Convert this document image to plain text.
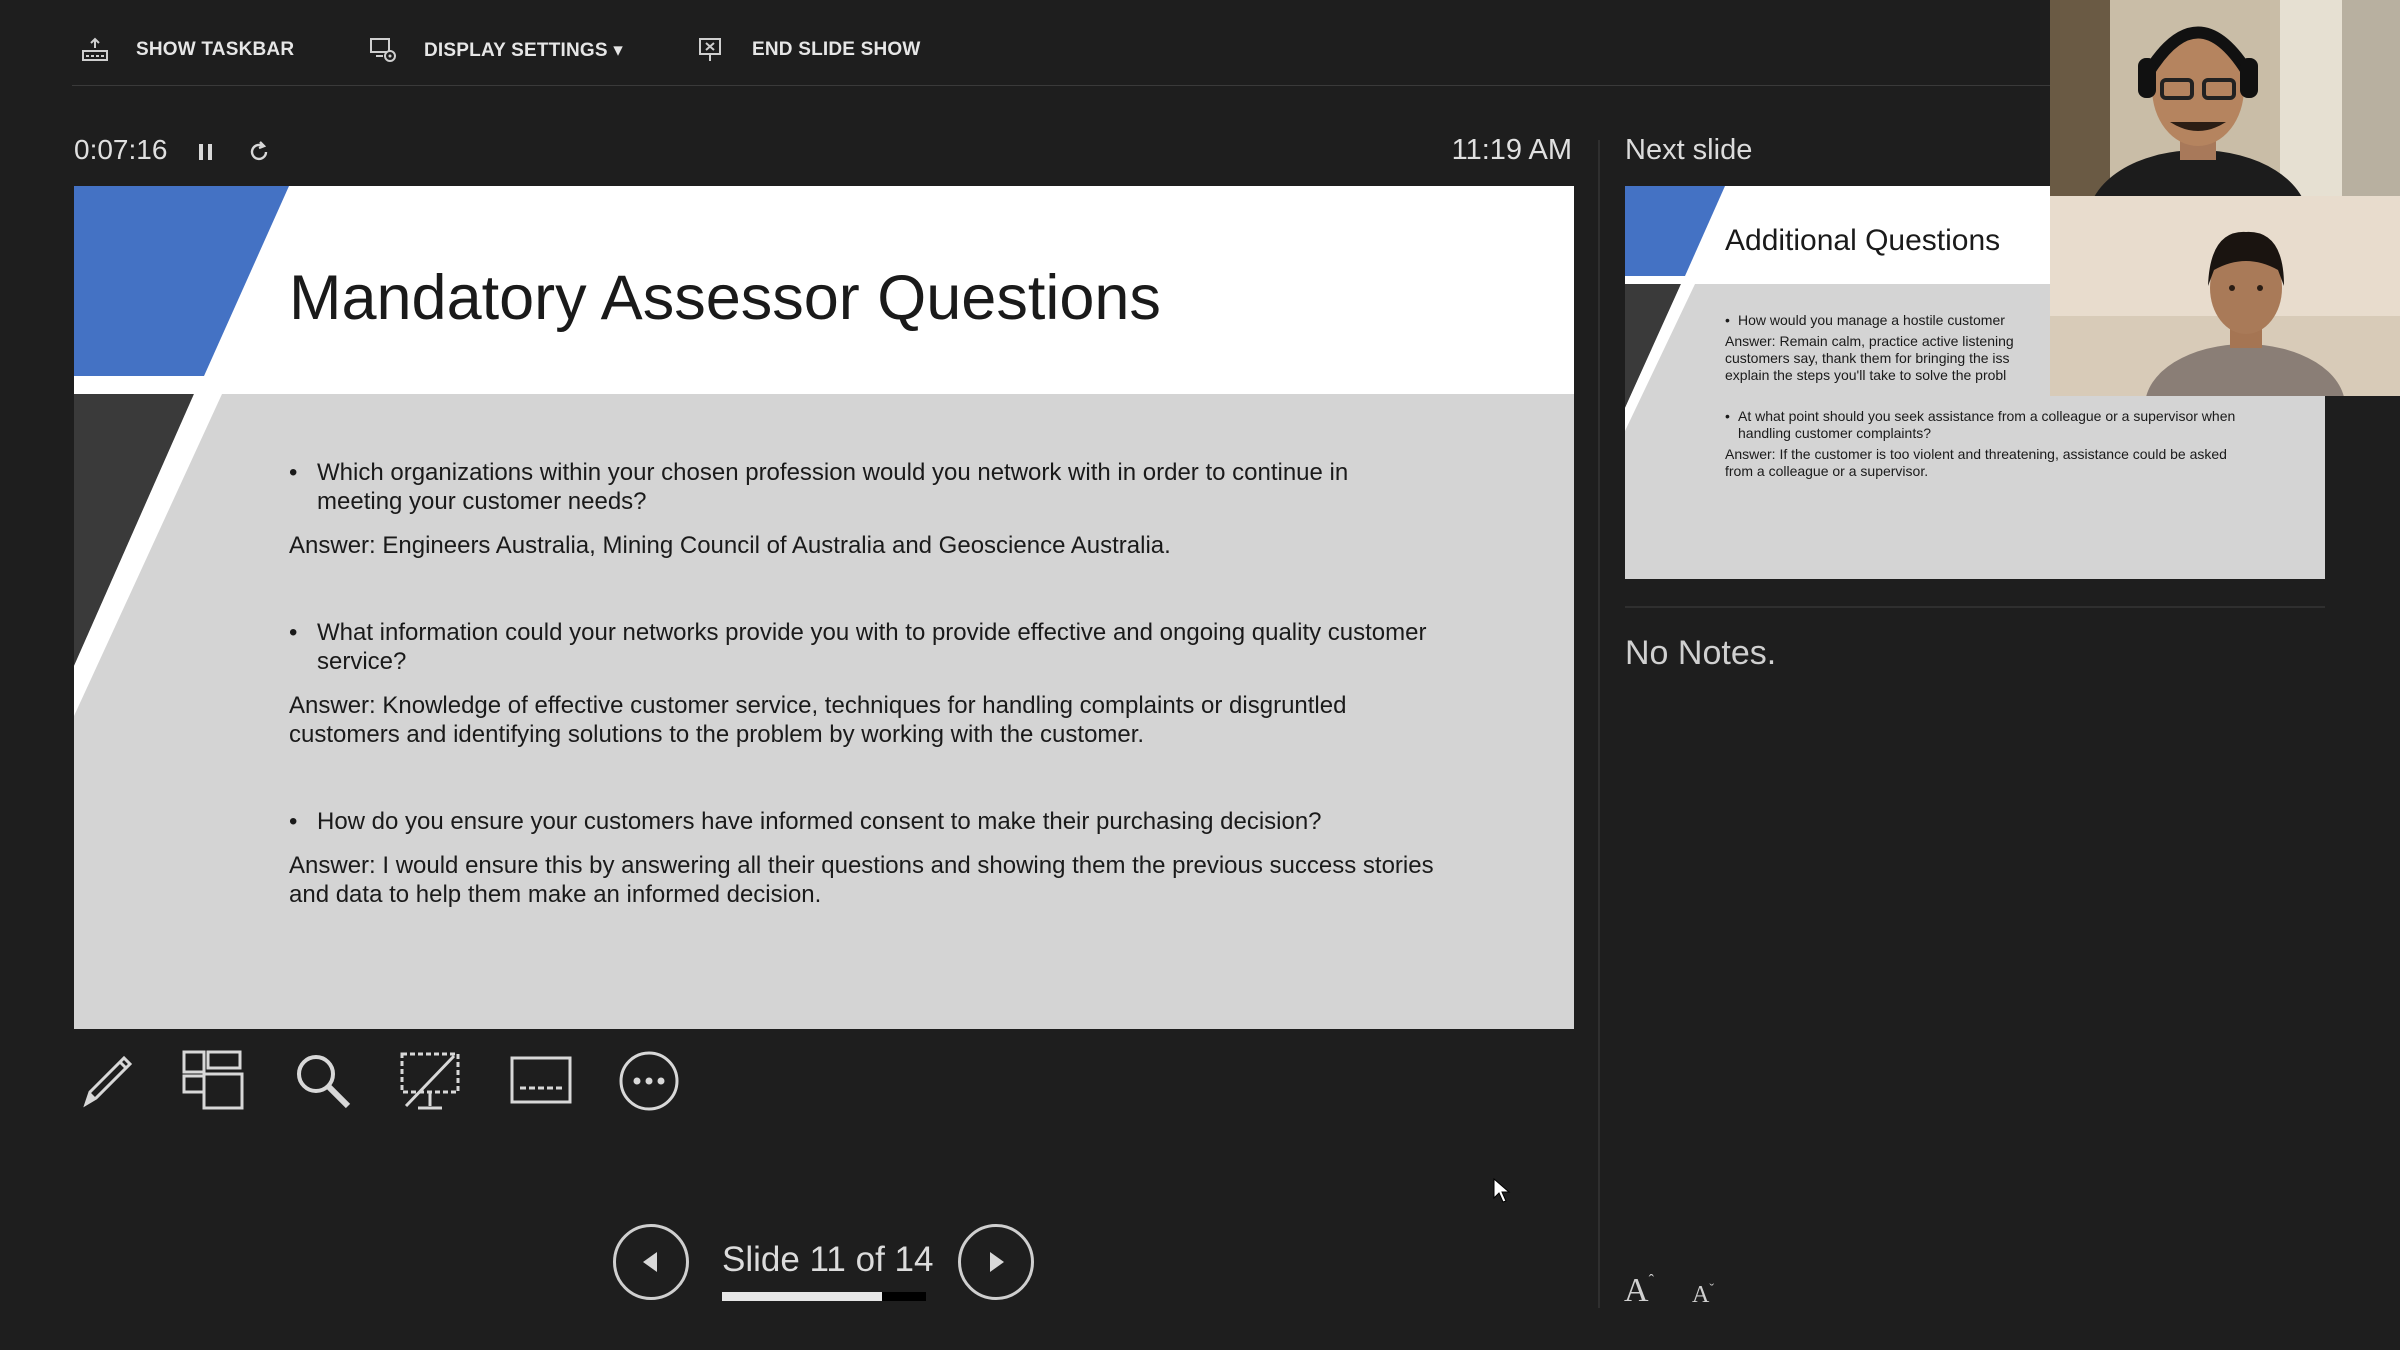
SHOW TASKBAR	DISPLAY SETTINGS ▾	END SLIDE SHOW
0:07:16	11:19 AM
Mandatory Assessor Questions
• Which organizations within your chosen profession would you network with in order to continue in meeting your customer needs?
Answer: Engineers Australia, Mining Council of Australia and Geoscience Australia.
• What information could your networks provide you with to provide effective and ongoing quality customer service?
Answer: Knowledge of effective customer service, techniques for handling complaints or disgruntled customers and identifying solutions to the problem by working with the customer.
• How do you ensure your customers have informed consent to make their purchasing decision?
Answer: I would ensure this by answering all their questions and showing them the previous success stories and data to help them make an informed decision.
Slide 11 of 14
Next slide
Additional Questions
• How would you manage a hostile customer
Answer: Remain calm, practice active listening customers say, thank them for bringing the iss explain the steps you'll take to solve the probl
• At what point should you seek assistance from a colleague or a supervisor when handling customer complaints?
Answer: If the customer is too violent and threatening, assistance could be asked from a colleague or a supervisor.
No Notes.
$A^ˆ$
$A^ˇ$
